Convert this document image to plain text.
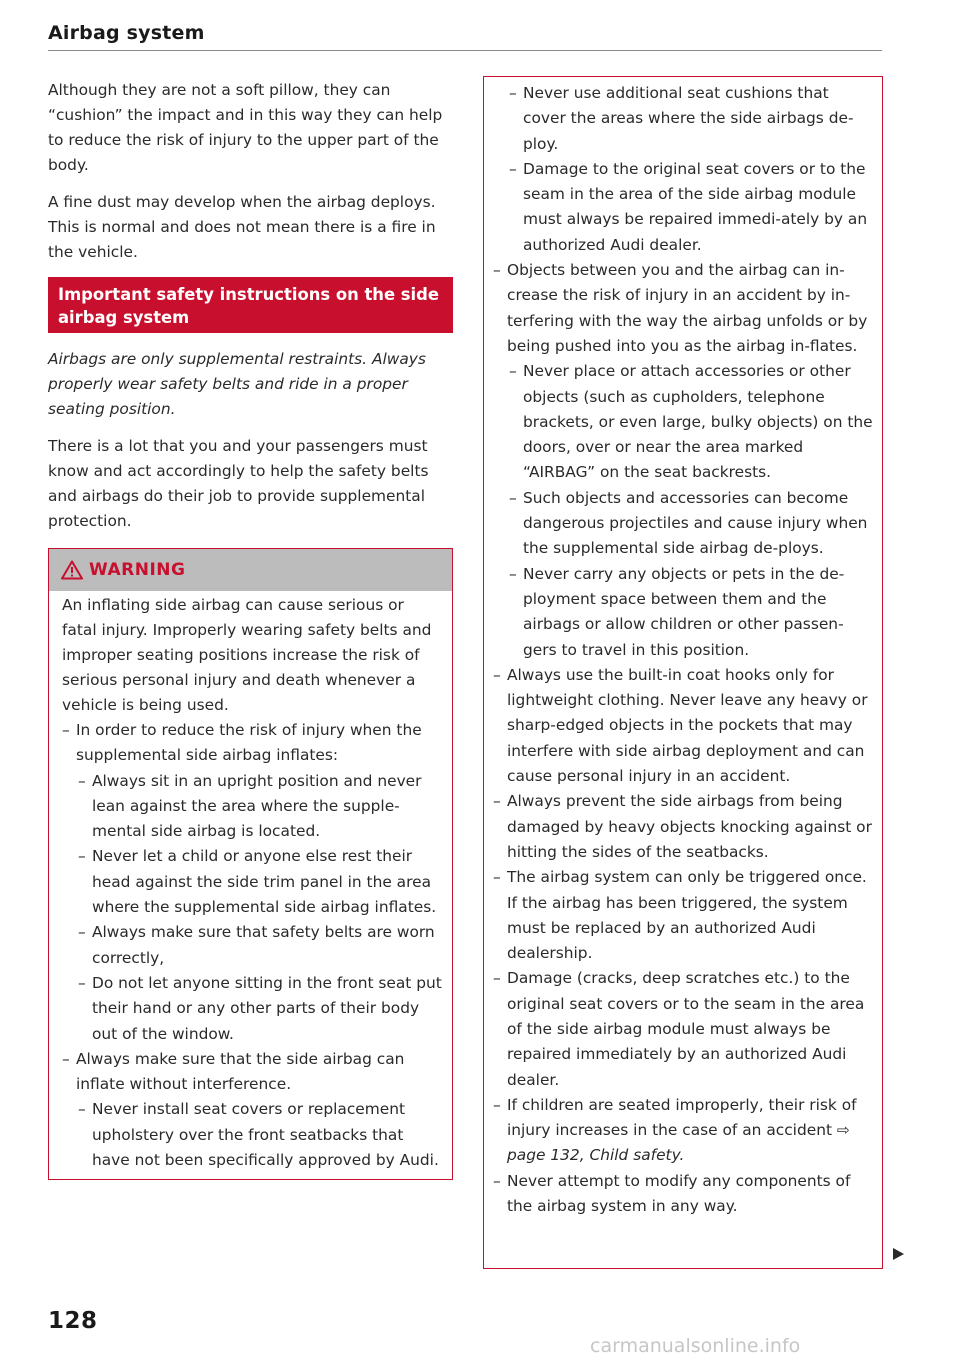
Airbag system

Although they are not a soft pillow, they can “cushion” the impact and in this way they can help to reduce the risk of injury to the upper part of the body.

A fine dust may develop when the airbag deploys. This is normal and does not mean there is a fire in the vehicle.

Important safety instructions on the side airbag system

Airbags are only supplemental restraints. Always properly wear safety belts and ride in a proper seating position.

There is a lot that you and your passengers must know and act accordingly to help the safety belts and airbags do their job to provide supplemental protection.

WARNING

An inflating side airbag can cause serious or fatal injury. Improperly wearing safety belts and improper seating positions increase the risk of serious personal injury and death whenever a vehicle is being used.

– In order to reduce the risk of injury when the supplemental side airbag inflates:
– Always sit in an upright position and never lean against the area where the supple-mental side airbag is located.
– Never let a child or anyone else rest their head against the side trim panel in the area where the supplemental side airbag inflates.
– Always make sure that safety belts are worn correctly,
– Do not let anyone sitting in the front seat put their hand or any other parts of their body out of the window.
– Always make sure that the side airbag can inflate without interference.
– Never install seat covers or replacement upholstery over the front seatbacks that have not been specifically approved by Audi.
– Never use additional seat cushions that cover the areas where the side airbags de-ploy.
– Damage to the original seat covers or to the seam in the area of the side airbag module must always be repaired immedi-ately by an authorized Audi dealer.
– Objects between you and the airbag can in-crease the risk of injury in an accident by in-terfering with the way the airbag unfolds or by being pushed into you as the airbag in-flates.
– Never place or attach accessories or other objects (such as cupholders, telephone brackets, or even large, bulky objects) on the doors, over or near the area marked “AIRBAG” on the seat backrests.
– Such objects and accessories can become dangerous projectiles and cause injury when the supplemental side airbag de-ploys.
– Never carry any objects or pets in the de-ployment space between them and the airbags or allow children or other passen-gers to travel in this position.
– Always use the built-in coat hooks only for lightweight clothing. Never leave any heavy or sharp-edged objects in the pockets that may interfere with side airbag deployment and can cause personal injury in an accident.
– Always prevent the side airbags from being damaged by heavy objects knocking against or hitting the sides of the seatbacks.
– The airbag system can only be triggered once. If the airbag has been triggered, the system must be replaced by an authorized Audi dealership.
– Damage (cracks, deep scratches etc.) to the original seat covers or to the seam in the area of the side airbag module must always be repaired immediately by an authorized Audi dealer.
– If children are seated improperly, their risk of injury increases in the case of an accident ⇨ page 132, Child safety.
– Never attempt to modify any components of the airbag system in any way.

128

carmanualsonline.info
